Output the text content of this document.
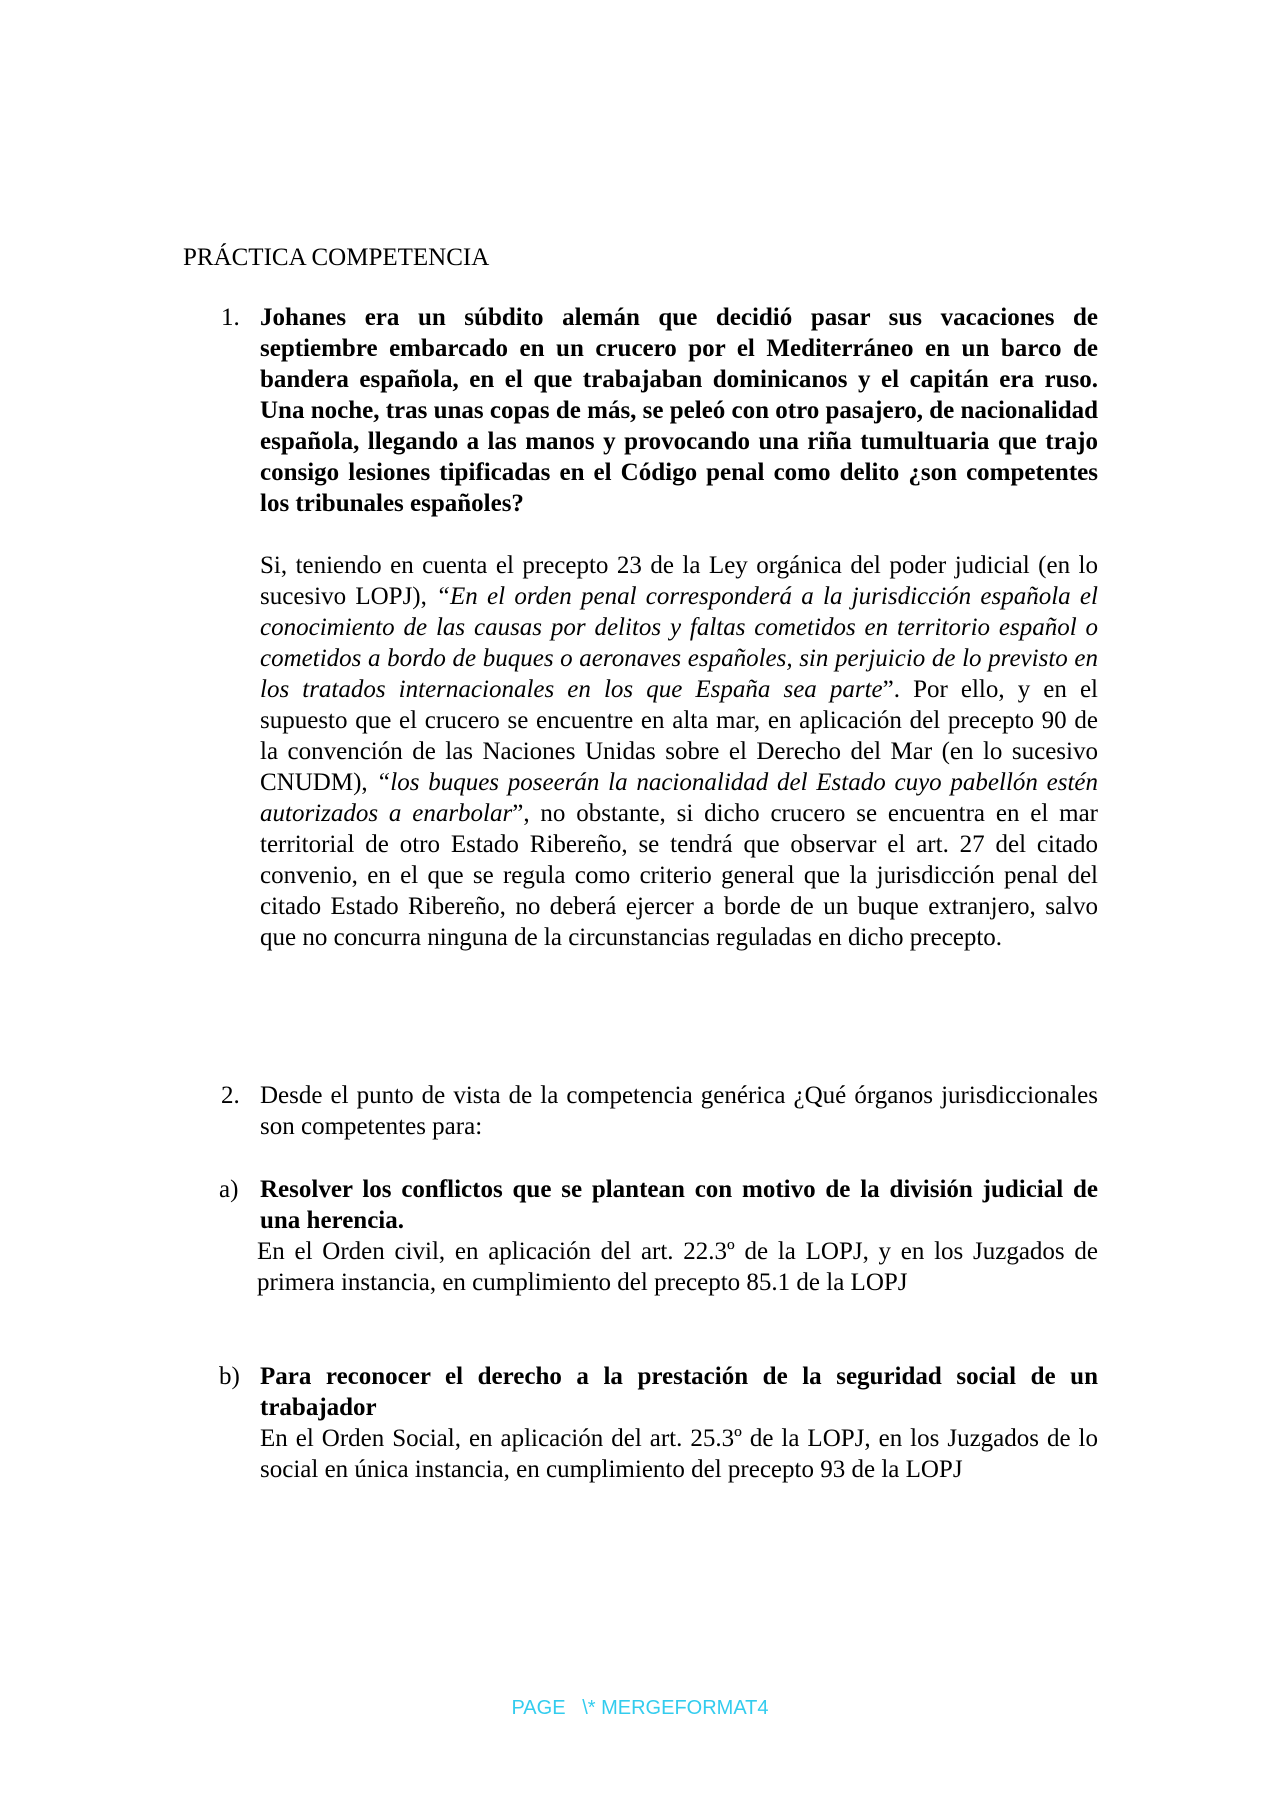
PRÁCTICA COMPETENCIA
1. Johanes era un súbdito alemán que decidió pasar sus vacaciones de septiembre embarcado en un crucero por el Mediterráneo en un barco de bandera española, en el que trabajaban dominicanos y el capitán era ruso. Una noche, tras unas copas de más, se peleó con otro pasajero, de nacionalidad española, llegando a las manos y provocando una riña tumultuaria que trajo consigo lesiones tipificadas en el Código penal como delito ¿son competentes los tribunales españoles?
Si, teniendo en cuenta el precepto 23 de la Ley orgánica del poder judicial (en lo sucesivo LOPJ), “En el orden penal corresponderá a la jurisdicción española el conocimiento de las causas por delitos y faltas cometidos en territorio español o cometidos a bordo de buques o aeronaves españoles, sin perjuicio de lo previsto en los tratados internacionales en los que España sea parte”. Por ello, y en el supuesto que el crucero se encuentre en alta mar, en aplicación del precepto 90 de la convención de las Naciones Unidas sobre el Derecho del Mar (en lo sucesivo CNUDM), “los buques poseerán la nacionalidad del Estado cuyo pabellón estén autorizados a enarbolar”, no obstante, si dicho crucero se encuentra en el mar territorial de otro Estado Ribereño, se tendrá que observar el art. 27 del citado convenio, en el que se regula como criterio general que la jurisdicción penal del citado Estado Ribereño, no deberá ejercer a borde de un buque extranjero, salvo que no concurra ninguna de la circunstancias reguladas en dicho precepto.
2. Desde el punto de vista de la competencia genérica ¿Qué órganos jurisdiccionales son competentes para:
a) Resolver los conflictos que se plantean con motivo de la división judicial de una herencia.
En el Orden civil, en aplicación del art. 22.3º de la LOPJ, y en los Juzgados de primera instancia, en cumplimiento del precepto 85.1 de la LOPJ
b) Para reconocer el derecho a la prestación de la seguridad social de un trabajador
En el Orden Social, en aplicación del art. 25.3º de la LOPJ, en los Juzgados de lo social en única instancia, en cumplimiento del precepto 93 de la LOPJ
PAGE   \* MERGEFORMAT4
